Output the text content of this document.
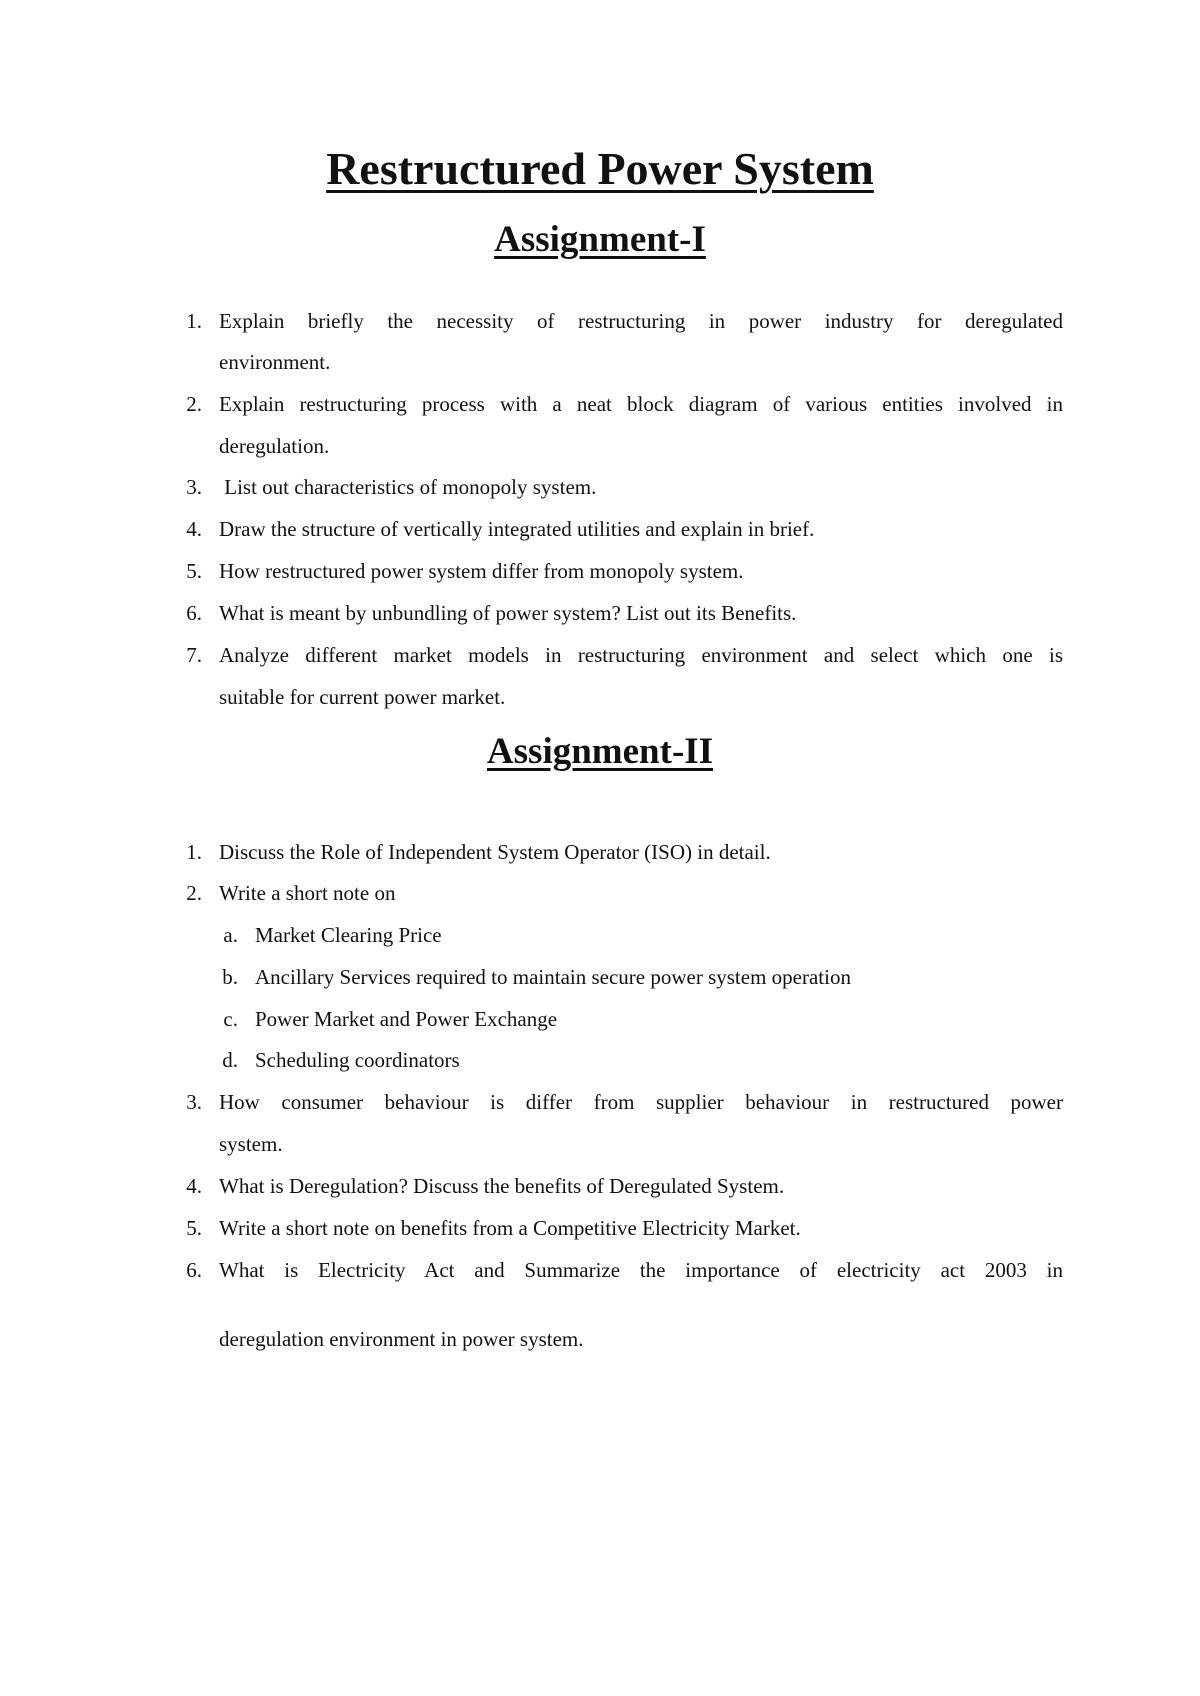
Restructured Power System
Assignment-I
1. Explain briefly the necessity of restructuring in power industry for deregulated
environment.
2. Explain restructuring process with a neat block diagram of various entities involved in
deregulation.
3. List out characteristics of monopoly system.
4. Draw the structure of vertically integrated utilities and explain in brief.
5. How restructured power system differ from monopoly system.
6. What is meant by unbundling of power system? List out its Benefits.
7. Analyze different market models in restructuring environment and select which one is
suitable for current power market.
Assignment-II
1. Discuss the Role of Independent System Operator (ISO) in detail.
2. Write a short note on
a. Market Clearing Price
b. Ancillary Services required to maintain secure power system operation
c. Power Market and Power Exchange
d. Scheduling coordinators
3. How consumer behaviour is differ from supplier behaviour in restructured power
system.
4. What is Deregulation? Discuss the benefits of Deregulated System.
5. Write a short note on benefits from a Competitive Electricity Market.
6. What is Electricity Act and Summarize the importance of electricity act 2003 in
deregulation environment in power system.
